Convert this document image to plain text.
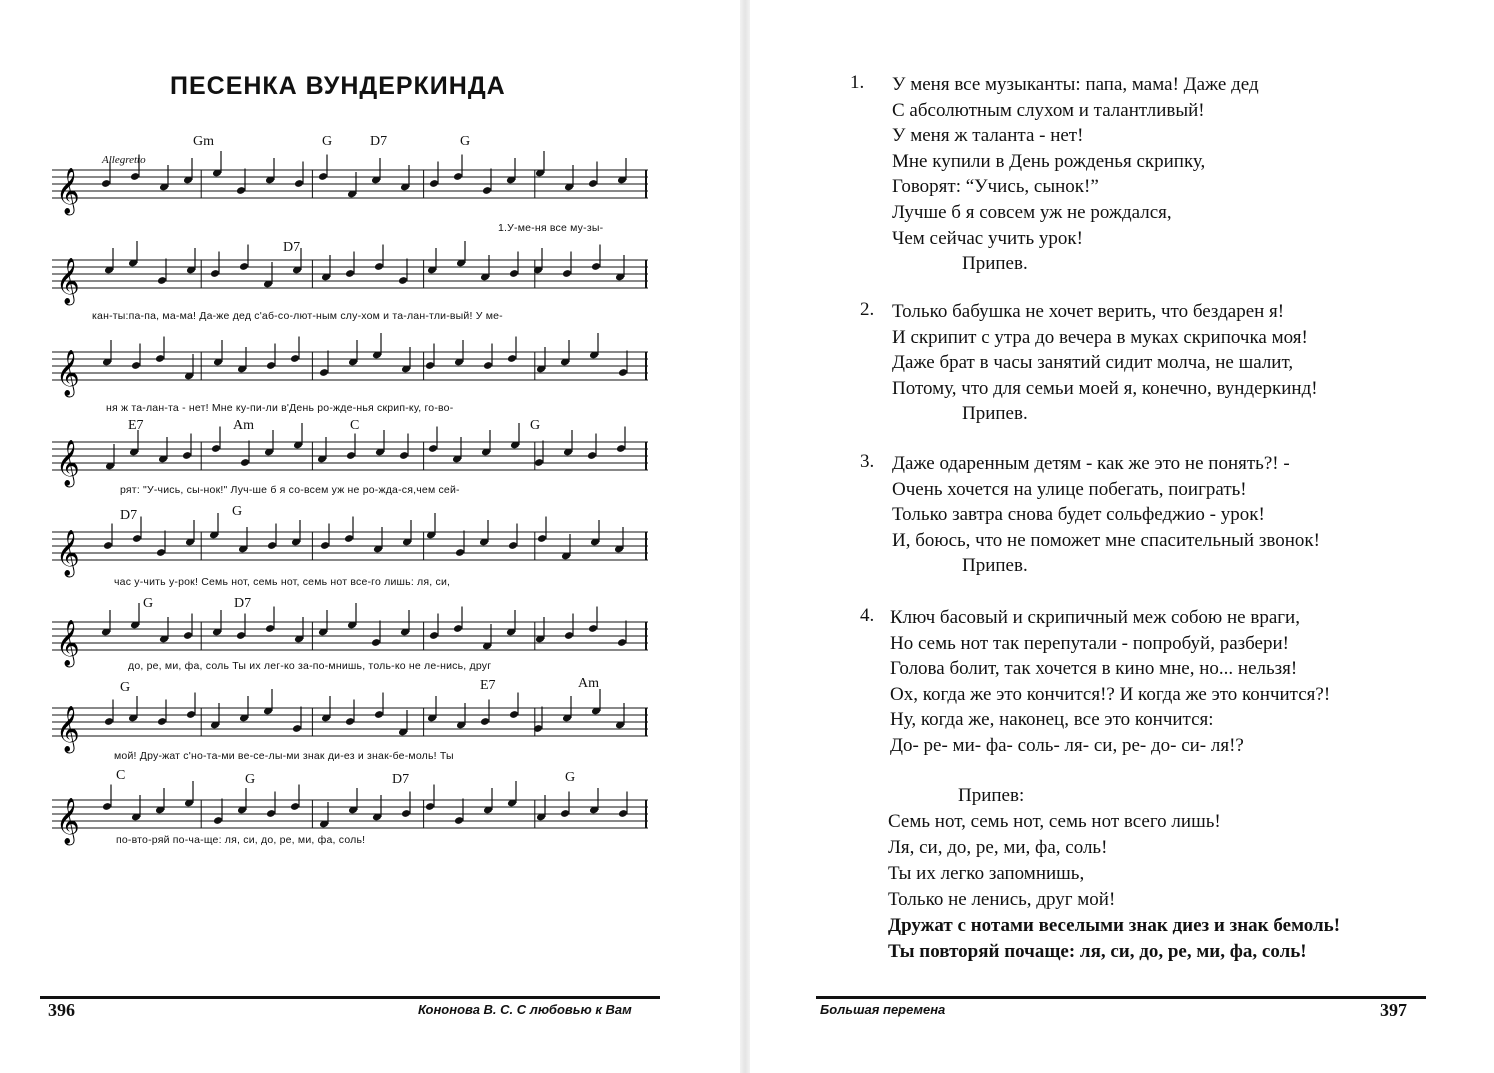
ПЕСЕНКА ВУНДЕРКИНДА
Allegretto
Gm	G	D7	G
𝄞
1.У-ме-ня все му-зы-
D7
𝄞
кан-ты:па-па, ма-ма! Да-же дед с'аб-со-лют-ным слу-хом и та-лан-тли-вый! У ме-
𝄞
ня ж та-лан-та - нет! Мне ку-пи-ли в'День ро-жде-нья скрип-ку, го-во-
E7	Am	C	G
𝄞
рят: "У-чись, сы-нок!" Луч-ше б я со-всем уж не ро-жда-ся,чем сей-
D7	G
𝄞
час у-чить у-рок! Семь нот, семь нот, семь нот все-го лишь: ля, си,
G	D7
𝄞	до, ре, ми, фа, соль Ты их лег-ко за-по-мнишь, толь-ко не ле-нись, друг
G	E7	Am
𝄞
мой! Дру-жат с'но-та-ми ве-се-лы-ми знак ди-ез и знак-бе-моль! Ты
C	G	D7	G
𝄞	по-вто-ряй по-ча-ще: ля, си, до, ре, ми, фа, соль!
396	Кононова В. С. С любовью к Вам
1. У меня все музыканты: папа, мама! Даже дед
С абсолютным слухом и талантливый!
У меня ж таланта - нет!
Мне купили в День рожденья скрипку,
Говорят: “Учись, сынок!”
Лучше б я совсем уж не рождался,
Чем сейчас учить урок!
Припев.
2. Только бабушка не хочет верить, что бездарен я!
И скрипит с утра до вечера в муках скрипочка моя!
Даже брат в часы занятий сидит молча, не шалит,
Потому, что для семьи моей я, конечно, вундеркинд!
Припев.
3. Даже одаренным детям - как же это не понять?! -
Очень хочется на улице побегать, поиграть!
Только завтра снова будет сольфеджио - урок!
И, боюсь, что не поможет мне спасительный звонок!
Припев.
4. Ключ басовый и скрипичный меж собою не враги,
Но семь нот так перепутали - попробуй, разбери!
Голова болит, так хочется в кино мне, но... нельзя!
Ох, когда же это кончится!? И когда же это кончится?!
Ну, когда же, наконец, все это кончится:
До- ре- ми- фа- соль- ля- си, ре- до- си- ля!?
Припев:
Семь нот, семь нот, семь нот всего лишь!
Ля, си, до, ре, ми, фа, соль!
Ты их легко запомнишь,
Только не ленись, друг мой!
Дружат с нотами веселыми знак диез и знак бемоль!
Ты повторяй почаще: ля, си, до, ре, ми, фа, соль!
Большая перемена	397
